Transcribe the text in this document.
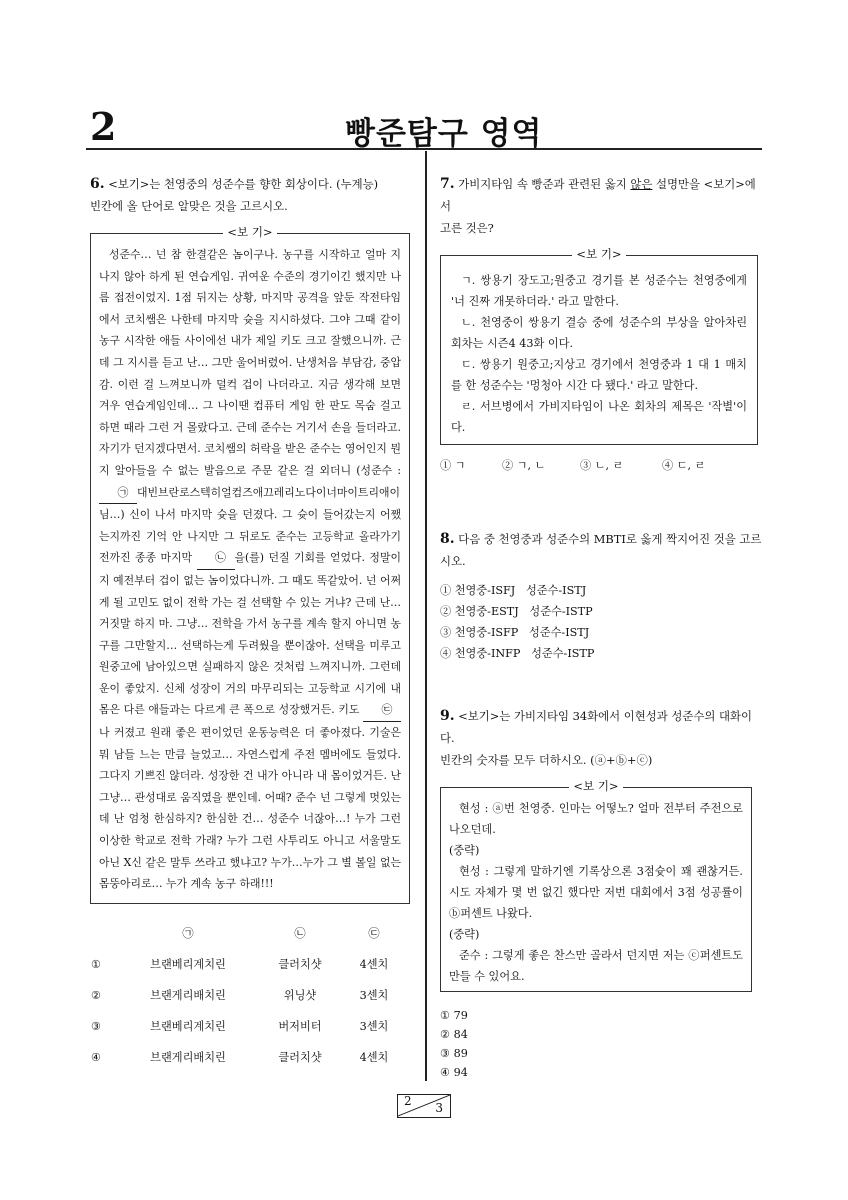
2	빵준탐구 영역
6. <보기>는 천영중의 성준수를 향한 회상이다. (누계능)
빈칸에 올 단어로 알맞은 것을 고르시오.
<보 기>
성준수… 넌 참 한결같은 놈이구나. 농구를 시작하고 얼마 지나지 않아 하게 된 연습게임. 귀여운 수준의 경기이긴 했지만 나름 접전이었지. 1점 뒤지는 상황, 마지막 공격을 앞둔 작전타임에서 코치쌤은 나한테 마지막 슛을 지시하셨다. 그야 그때 같이 농구 시작한 애들 사이에선 내가 제일 키도 크고 잘했으니까. 근데 그 지시를 듣고 난… 그만 울어버렸어. 난생처음 부담감, 중압감. 이런 걸 느껴보니까 덜컥 겁이 나더라고. 지금 생각해 보면 겨우 연습게임인데… 그 나이땐 컴퓨터 게임 한 판도 목숨 걸고 하면 때라 그런 거 몰랐다고. 근데 준수는 거기서 손을 들더라고. 자기가 던지겠다면서. 코치쌤의 허락을 받은 준수는 영어인지 뭔지 알아들을 수 없는 발음으로 주문 같은 걸 외더니 (성준수 : ㉠ 대빈브란로스텍히얼컴즈애끄레리노다이너마이트리애이님…) 신이 나서 마지막 슛을 던졌다. 그 슛이 들어갔는지 어쨌는지까진 기억 안 나지만 그 뒤로도 준수는 고등학교 올라가기 전까진 종종 마지막 ㉡ 을(를) 던질 기회를 얻었다. 정말이지 예전부터 겁이 없는 놈이었다니까. 그 때도 똑같았어. 넌 어쩌게 될 고민도 없이 전학 가는 걸 선택할 수 있는 거냐? 근데 난… 거짓말 하지 마. 그냥… 전학을 가서 농구를 계속 할지 아니면 농구를 그만할지… 선택하는게 두려웠을 뿐이잖아. 선택을 미루고 원중고에 남아있으면 실패하지 않은 것처럼 느껴지니까. 그런데 운이 좋았지. 신체 성장이 거의 마무리되는 고등학교 시기에 내 몸은 다른 애들과는 다르게 큰 폭으로 성장했거든. 키도 ㉢나 커졌고 원래 좋은 편이었던 운동능력은 더 좋아졌다. 기술은 뭐 남들 느는 만큼 늘었고… 자연스럽게 주전 멤버에도 들었다. 그다지 기쁘진 않더라. 성장한 건 내가 아니라 내 몸이었거든. 난 그냥… 관성대로 움직였을 뿐인데. 어때? 준수 넌 그렇게 멋있는데 난 엄청 한심하지? 한심한 건… 성준수 너잖아…! 누가 그런 이상한 학교로 전학 가래? 누가 그런 사투리도 아니고 서울말도 아닌 X신 같은 말투 쓰라고 했냐고? 누가…누가 그 별 볼일 없는 몸뚱아리로… 누가 계속 농구 하래!!!
	㉠	㉡	㉢
①	브랜베리계치린	클러치샷	4센치
②	브랜게리배치린	위닝샷	3센치
③	브랜베리계치린	버저비터	3센치
④	브랜게리배치린	클러치샷	4센치
7. 가비지타임 속 빵준과 관련된 옳지 않은 설명만을 <보기>에서
고른 것은?
<보 기>
ㄱ. 쌍용기 장도고;원중고 경기를 본 성준수는 천영중에게 '너 진짜 개못하더라.' 라고 말한다.
ㄴ. 천영중이 쌍용기 결승 중에 성준수의 부상을 알아차린 회차는 시즌4 43화 이다.
ㄷ. 쌍용기 원중고;지상고 경기에서 천영중과 1 대 1 매치를 한 성준수는 '멍청아 시간 다 됐다.' 라고 말한다.
ㄹ. 서브병에서 가비지타임이 나온 회차의 제목은 '작별'이다.
① ㄱ	② ㄱ, ㄴ	③ ㄴ, ㄹ	④ ㄷ, ㄹ
8. 다음 중 천영중과 성준수의 MBTI로 옳게 짝지어진 것을 고르
시오.
① 천영중-ISFJ   성준수-ISTJ
② 천영중-ESTJ   성준수-ISTP
③ 천영중-ISFP   성준수-ISTJ
④ 천영중-INFP   성준수-ISTP
9. <보기>는 가비지타임 34화에서 이현성과 성준수의 대화이다.
빈칸의 숫자를 모두 더하시오. (ⓐ+ⓑ+ⓒ)
<보 기>
현성 : ⓐ번 천영중. 인마는 어떻노? 얼마 전부터 주전으로 나오던데.
(중략)
현성 : 그렇게 말하기엔 기록상으론 3점슛이 꽤 괜찮거든. 시도 자체가 몇 번 없긴 했다만 저번 대회에서 3점 성공률이 ⓑ퍼센트 나왔다.
(중략)
준수 : 그렇게 좋은 찬스만 골라서 던지면 저는 ⓒ퍼센트도 만들 수 있어요.
① 79
② 84
③ 89
④ 94
2 3
